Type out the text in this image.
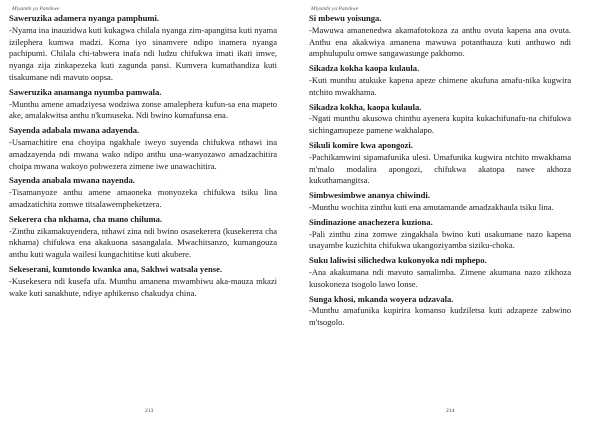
Miyambi ya Patsikwe
Saweruzika adamera nyanga pamphumi.
-Nyama ina inauzidwa kuti kukagwa chilala nyanga zim-apangitsa kuti nyama izilephera kumwa madzi. Koma iyo sinamvere ndipo inamera nyanga pachipumi. Chilala chi-tabwera inafa ndi ludzu chifukwa imati ikati imwe, nyanga zija zinkapezeka kuti zagunda pansi. Kumvera kumathandiza kuti tisakumane ndi mavuto oopsa.
Saweruzika anamanga nyumba pamwala.
-Munthu amene amadziyesa wodziwa zonse amalephera kufun-sa ena mapeto ake, amalakwitsa anthu n'kumuseka. Ndi bwino kumafunsa ena.
Sayenda adabala mwana adayenda.
-Usamachitire ena choyipa ngakhale iweyo suyenda chifukwa nthawi ina amadzayenda ndi mwana wako ndipo anthu una-wanyozawo amadzachitira choipa mwana wakoyo pobwezera zimene iwe unawachitira.
Sayenda anabala mwana nayenda.
-Tisamanyoze anthu amene amaoneka monyozeka chifukwa tsiku lina amadzatichita zomwe titsalawempheketzera.
Sekerera cha nkhama, cha mano chiluma.
-Zinthu zikamakuyendera, nthawi zina ndi bwino osasekerera (kusekerera cha nkhama) chifukwa ena akakuona sasangalala. Mwachitsanzo, kumangouza anthu kuti wagula wailesi kungachititse kuti akubere.
Sekeserani, kumtondo kwanka ana, Sakhwi watsala yense.
-Kusekesera ndi kusefa ufa. Munthu amanena mwambiwu aka-mauza mkazi wake kuti sanakhute, ndiye aphikenso chakudya china.
213
Miyambi ya Patsikwe
Si mbewu yoisunga.
-Mawuwa amanenedwa akamafotokoza za anthu ovuta kapena ana ovuta. Anthu ena akakwiya amanena mawuwa potanthauza kuti anthuwo ndi amphulupulu omwe sangawasunge pakhomo.
Sikadza kokha kaopa kulaula.
-Kuti munthu atukuke kapena apeze chimene akufuna amafu-nika kugwira ntchito mwakhama.
Sikadza kokha, kaopa kulaula.
-Ngati munthu akusowa chinthu ayenera kupita kukachifunafu-na chifukwa sichingamupeze pamene wakhalapo.
Sikuli komire kwa apongozi.
-Pachikamwini sipamafunika ulesi. Umafunika kugwira ntchito mwakhama m'malo modalira apongozi, chifukwa akatopa nawe akhoza kukuthamangitsa.
Simbwesimbwe ananya chiwindi.
-Munthu wochita zinthu kuti ena amutamande amadzakhaula tsiku lina.
Sindinazione anachezera kuziona.
-Pali zinthu zina zomwe zingakhala bwino kuti usakumane nazo kapena usayambe kuzichita chifukwa ukangoziyamba siziku-choka.
Suku laliwisi silichedwa kukonyoka ndi mphepo.
-Ana akakumana ndi mavuto samalimba. Zimene akumana nazo zikhoza kusokoneza tsogolo lawo lonse.
Sunga khosi, mkanda woyera udzavala.
-Munthu amafunika kupirira komanso kudziletsa kuti adzapeze zabwino m'tsogolo.
214
